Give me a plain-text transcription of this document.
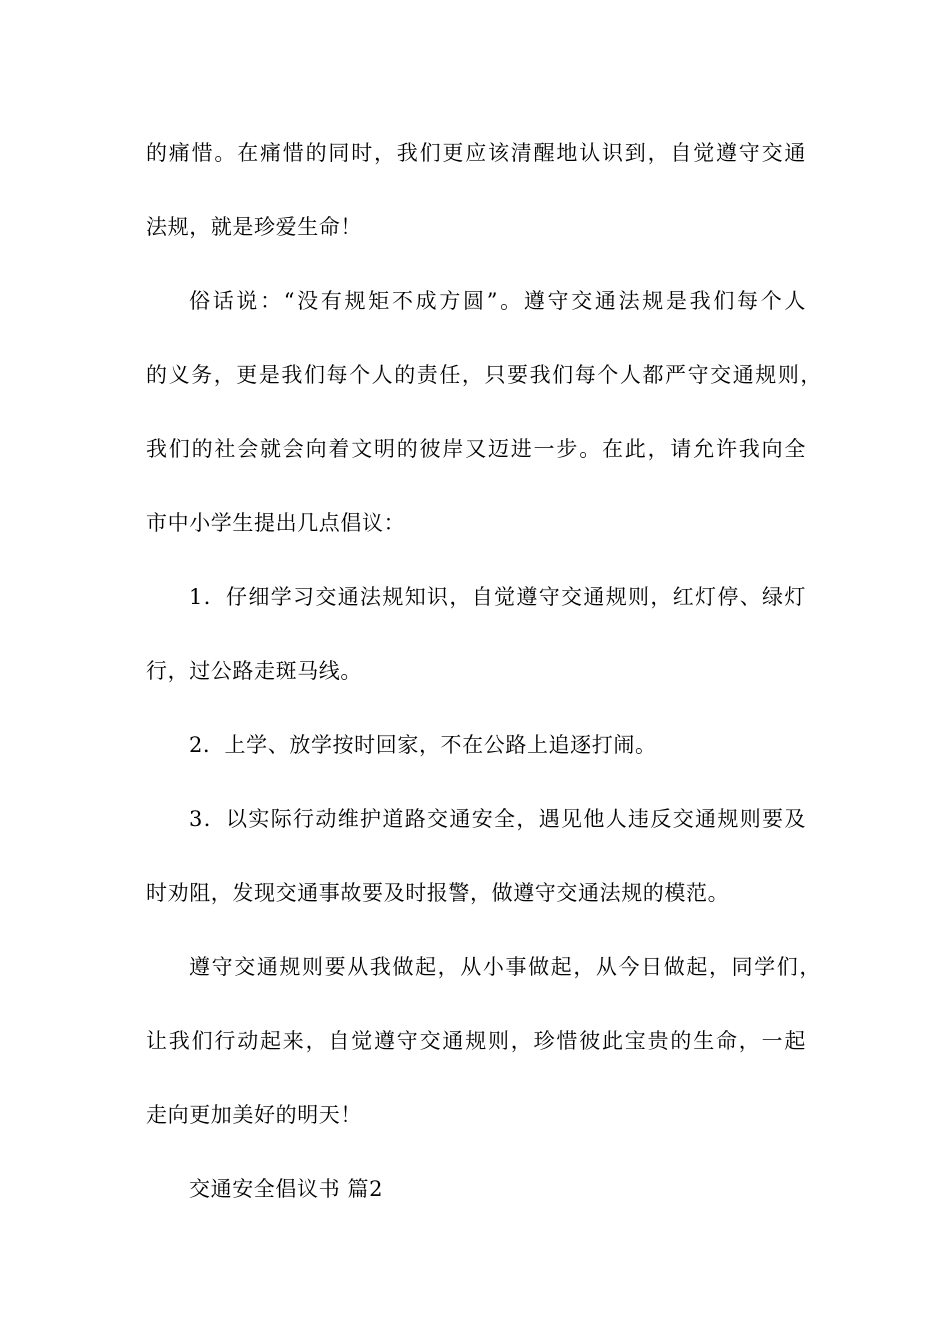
的痛惜。在痛惜的同时，我们更应该清醒地认识到，自觉遵守交通
法规，就是珍爱生命！
俗话说：“没有规矩不成方圆”。遵守交通法规是我们每个人
的义务，更是我们每个人的责任，只要我们每个人都严守交通规则，
我们的社会就会向着文明的彼岸又迈进一步。在此，请允许我向全
市中小学生提出几点倡议：
1．仔细学习交通法规知识，自觉遵守交通规则，红灯停、绿灯
行，过公路走斑马线。
2．上学、放学按时回家，不在公路上追逐打闹。
3．以实际行动维护道路交通安全，遇见他人违反交通规则要及
时劝阻，发现交通事故要及时报警，做遵守交通法规的模范。
遵守交通规则要从我做起，从小事做起，从今日做起，同学们，
让我们行动起来，自觉遵守交通规则，珍惜彼此宝贵的生命，一起
走向更加美好的明天！
交通安全倡议书 篇2
